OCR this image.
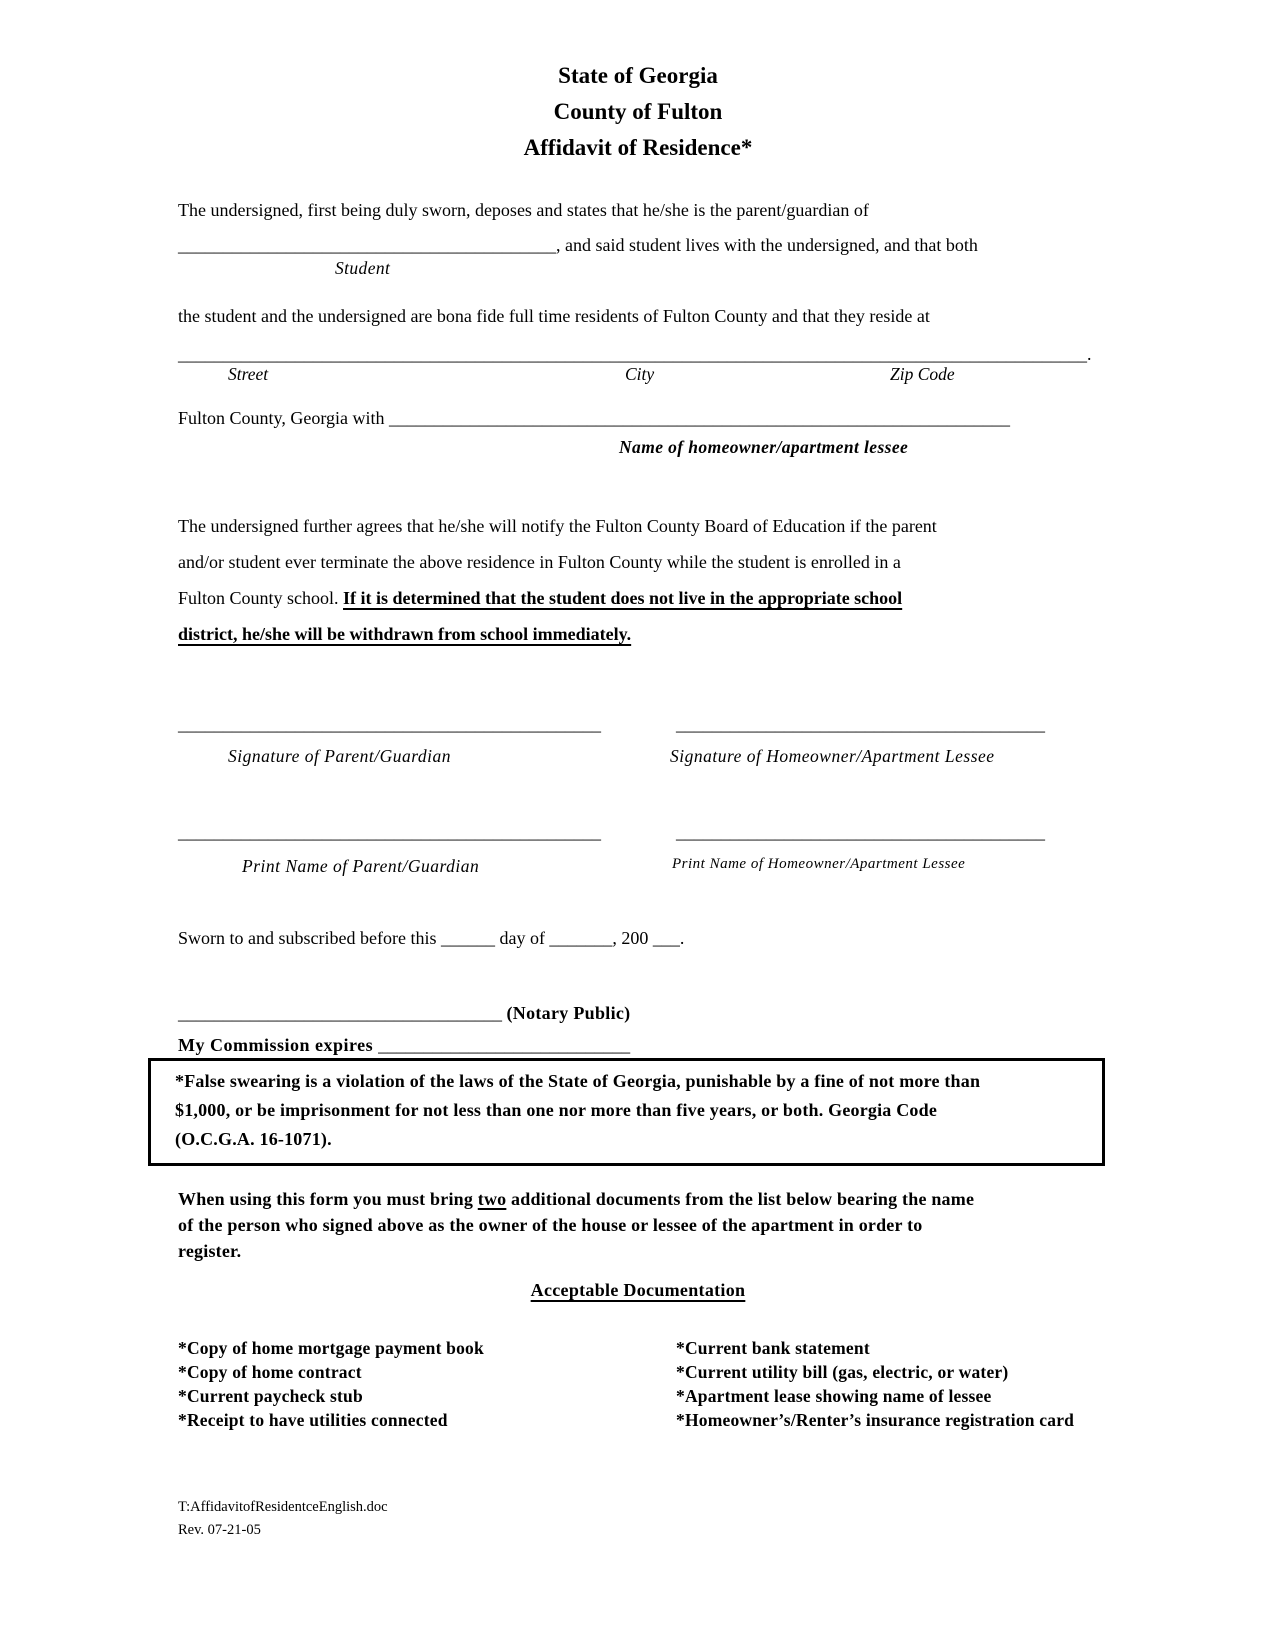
State of Georgia
County of Fulton
Affidavit of Residence*
The undersigned, first being duly sworn, deposes and states that he/she is the parent/guardian of
__________________________________________, and said student lives with the undersigned, and that both
Student
the student and the undersigned are bona fide full time residents of Fulton County and that they reside at
_____________________________________________________________________________________________________.
Street	City	Zip Code
Fulton County, Georgia with _____________________________________________________________________
Name of homeowner/apartment lessee
The undersigned further agrees that he/she will notify the Fulton County Board of Education if the parent
and/or student ever terminate the above residence in Fulton County while the student is enrolled in a
Fulton County school. If it is determined that the student does not live in the appropriate school
district, he/she will be withdrawn from school immediately.
_______________________________________________	_________________________________________
Signature of Parent/Guardian	Signature of Homeowner/Apartment Lessee
_______________________________________________	_________________________________________
Print Name of Parent/Guardian	Print Name of Homeowner/Apartment Lessee
Sworn to and subscribed before this ______ day of _______, 200 ___.
____________________________________ (Notary Public)
My Commission expires ____________________________
*False swearing is a violation of the laws of the State of Georgia, punishable by a fine of not more than
$1,000, or be imprisonment for not less than one nor more than five years, or both. Georgia Code
(O.C.G.A. 16-1071).
When using this form you must bring two additional documents from the list below bearing the name
of the person who signed above as the owner of the house or lessee of the apartment in order to
register.
Acceptable Documentation
*Copy of home mortgage payment book
*Copy of home contract
*Current paycheck stub
*Receipt to have utilities connected
*Current bank statement
*Current utility bill (gas, electric, or water)
*Apartment lease showing name of lessee
*Homeowner’s/Renter’s insurance registration card
T:AffidavitofResidentceEnglish.doc
Rev. 07-21-05
